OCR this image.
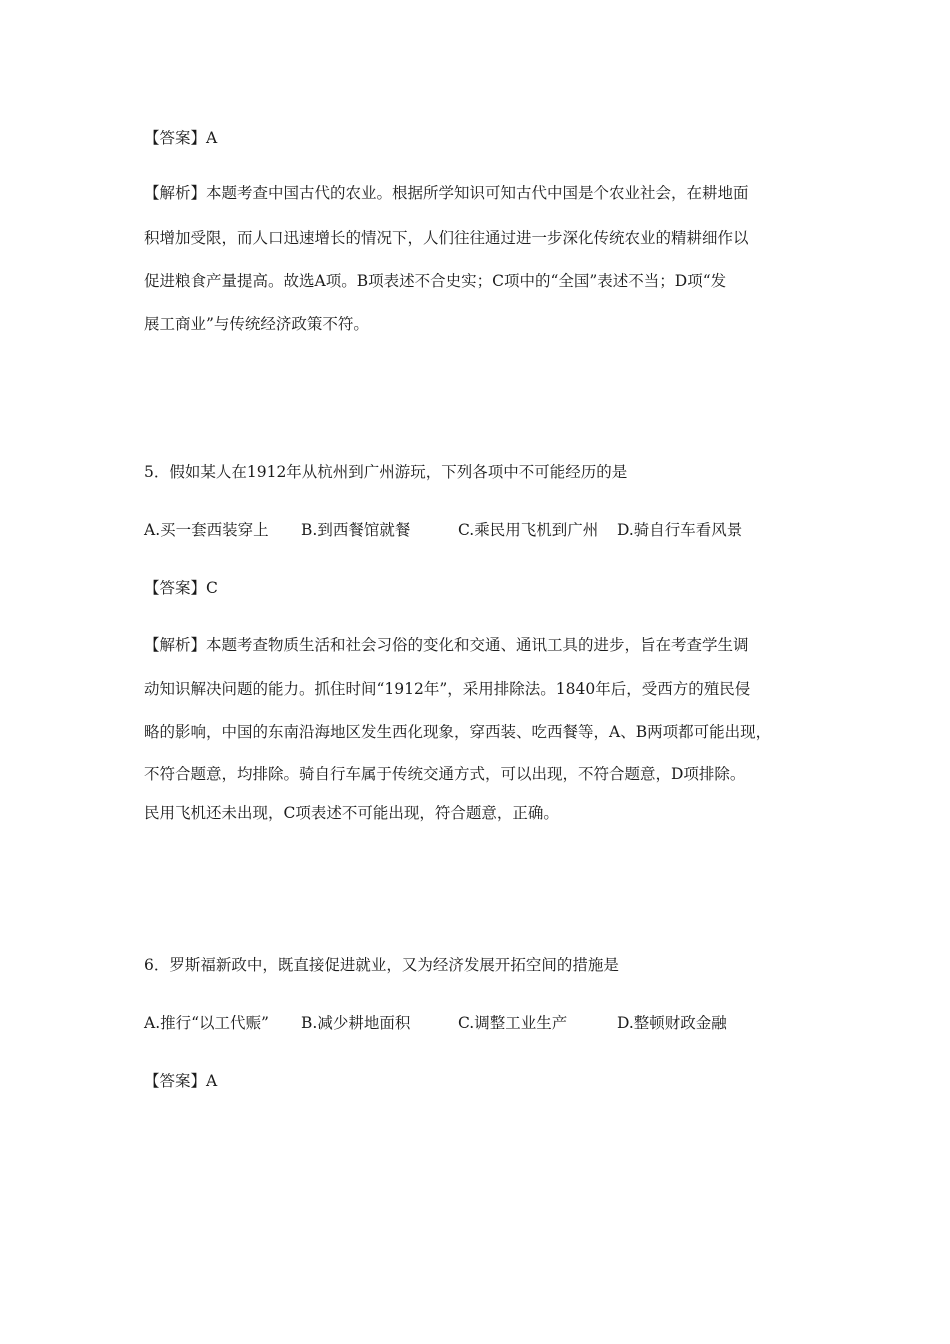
【答案】A
【解析】本题考查中国古代的农业。根据所学知识可知古代中国是个农业社会，在耕地面
积增加受限，而人口迅速增长的情况下，人们往往通过进一步深化传统农业的精耕细作以
促进粮食产量提高。故选A项。B项表述不合史实；C项中的“全国”表述不当；D项“发
展工商业”与传统经济政策不符。
5．假如某人在1912年从杭州到广州游玩，下列各项中不可能经历的是
A.买一套西装穿上 B.到西餐馆就餐	C.乘民用飞机到广州 D.骑自行车看风景
【答案】C
【解析】本题考查物质生活和社会习俗的变化和交通、通讯工具的进步，旨在考查学生调
动知识解决问题的能力。抓住时间“1912年”，采用排除法。1840年后，受西方的殖民侵
略的影响，中国的东南沿海地区发生西化现象，穿西装、吃西餐等，A、B两项都可能出现，
不符合题意，均排除。骑自行车属于传统交通方式，可以出现，不符合题意，D项排除。
民用飞机还未出现，C项表述不可能出现，符合题意，正确。
6．罗斯福新政中，既直接促进就业，又为经济发展开拓空间的措施是
A.推行“以工代赈” B.减少耕地面积	C.调整工业生产	D.整顿财政金融
【答案】A
